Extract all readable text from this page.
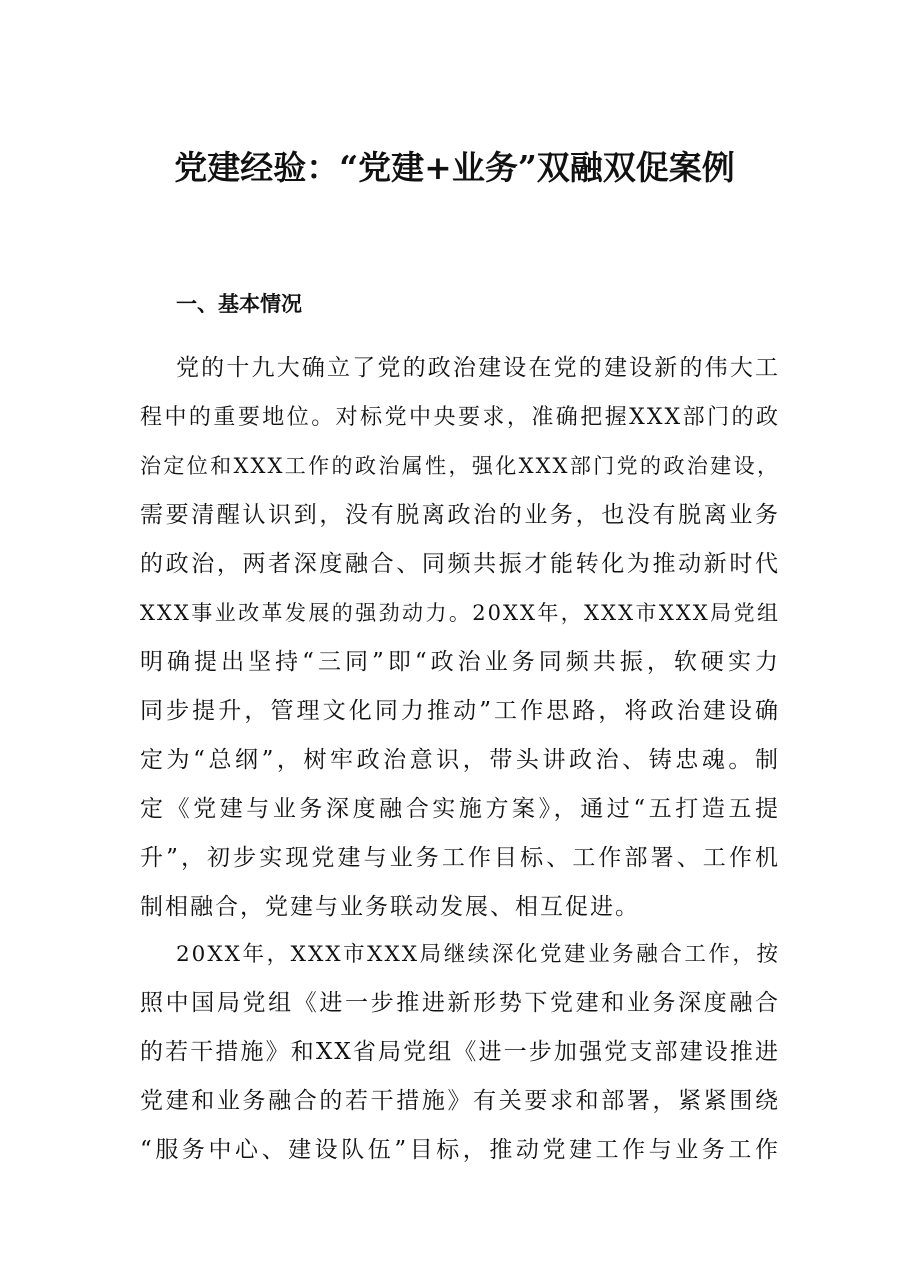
党建经验：“党建+业务”双融双促案例
一、基本情况
党的十九大确立了党的政治建设在党的建设新的伟大工
程中的重要地位。对标党中央要求，准确把握XXX部门的政
治定位和XXX工作的政治属性，强化XXX部门党的政治建设，
需要清醒认识到，没有脱离政治的业务，也没有脱离业务
的政治，两者深度融合、同频共振才能转化为推动新时代
XXX事业改革发展的强劲动力。20XX年，XXX市XXX局党组
明确提出坚持“三同”即“政治业务同频共振，软硬实力
同步提升，管理文化同力推动”工作思路，将政治建设确
定为“总纲”，树牢政治意识，带头讲政治、铸忠魂。制
定《党建与业务深度融合实施方案》，通过“五打造五提
升”，初步实现党建与业务工作目标、工作部署、工作机
制相融合，党建与业务联动发展、相互促进。
20XX年，XXX市XXX局继续深化党建业务融合工作，按
照中国局党组《进一步推进新形势下党建和业务深度融合
的若干措施》和XX省局党组《进一步加强党支部建设推进
党建和业务融合的若干措施》有关要求和部署，紧紧围绕
“服务中心、建设队伍”目标，推动党建工作与业务工作
